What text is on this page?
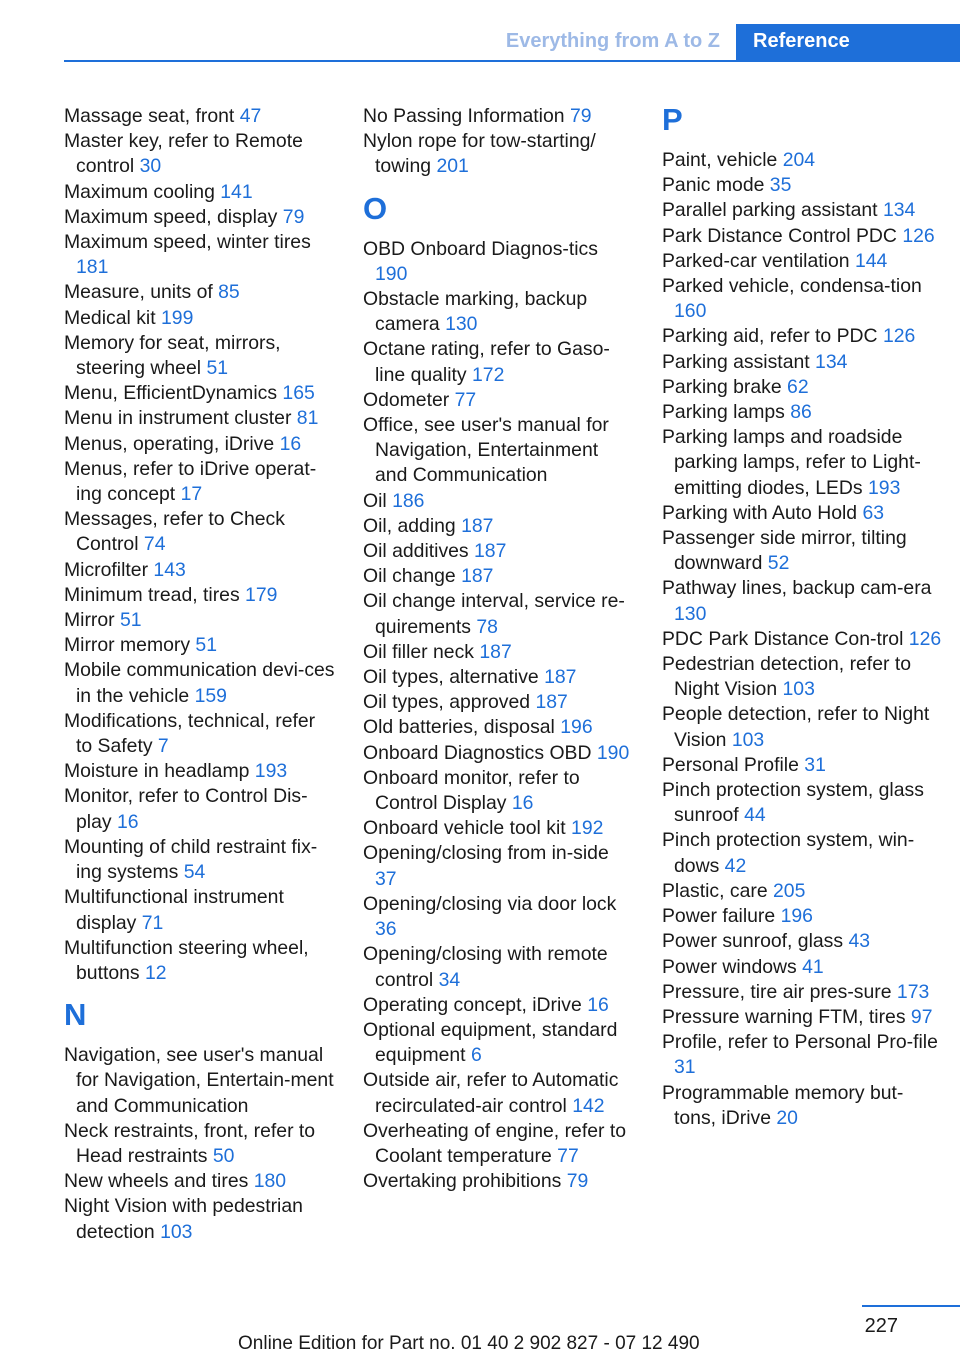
Everything from A to Z	Reference
Massage seat, front 47
Master key, refer to Remote control 30
Maximum cooling 141
Maximum speed, display 79
Maximum speed, winter tires 181
Measure, units of 85
Medical kit 199
Memory for seat, mirrors, steering wheel 51
Menu, EfficientDynamics 165
Menu in instrument cluster 81
Menus, operating, iDrive 16
Menus, refer to iDrive operat-ing concept 17
Messages, refer to Check Control 74
Microfilter 143
Minimum tread, tires 179
Mirror 51
Mirror memory 51
Mobile communication devi-ces in the vehicle 159
Modifications, technical, refer to Safety 7
Moisture in headlamp 193
Monitor, refer to Control Dis-play 16
Mounting of child restraint fix-ing systems 54
Multifunctional instrument display 71
Multifunction steering wheel, buttons 12
N
Navigation, see user's manual for Navigation, Entertain-ment and Communication
Neck restraints, front, refer to Head restraints 50
New wheels and tires 180
Night Vision with pedestrian detection 103
No Passing Information 79
Nylon rope for tow-starting/ towing 201
O
OBD Onboard Diagnos-tics 190
Obstacle marking, backup camera 130
Octane rating, refer to Gaso-line quality 172
Odometer 77
Office, see user's manual for Navigation, Entertainment and Communication
Oil 186
Oil, adding 187
Oil additives 187
Oil change 187
Oil change interval, service re-quirements 78
Oil filler neck 187
Oil types, alternative 187
Oil types, approved 187
Old batteries, disposal 196
Onboard Diagnostics OBD 190
Onboard monitor, refer to Control Display 16
Onboard vehicle tool kit 192
Opening/closing from in-side 37
Opening/closing via door lock 36
Opening/closing with remote control 34
Operating concept, iDrive 16
Optional equipment, standard equipment 6
Outside air, refer to Automatic recirculated-air control 142
Overheating of engine, refer to Coolant temperature 77
Overtaking prohibitions 79
P
Paint, vehicle 204
Panic mode 35
Parallel parking assistant 134
Park Distance Control PDC 126
Parked-car ventilation 144
Parked vehicle, condensa-tion 160
Parking aid, refer to PDC 126
Parking assistant 134
Parking brake 62
Parking lamps 86
Parking lamps and roadside parking lamps, refer to Light-emitting diodes, LEDs 193
Parking with Auto Hold 63
Passenger side mirror, tilting downward 52
Pathway lines, backup cam-era 130
PDC Park Distance Con-trol 126
Pedestrian detection, refer to Night Vision 103
People detection, refer to Night Vision 103
Personal Profile 31
Pinch protection system, glass sunroof 44
Pinch protection system, win-dows 42
Plastic, care 205
Power failure 196
Power sunroof, glass 43
Power windows 41
Pressure, tire air pres-sure 173
Pressure warning FTM, tires 97
Profile, refer to Personal Pro-file 31
Programmable memory but-tons, iDrive 20
227
Online Edition for Part no. 01 40 2 902 827 - 07 12 490
